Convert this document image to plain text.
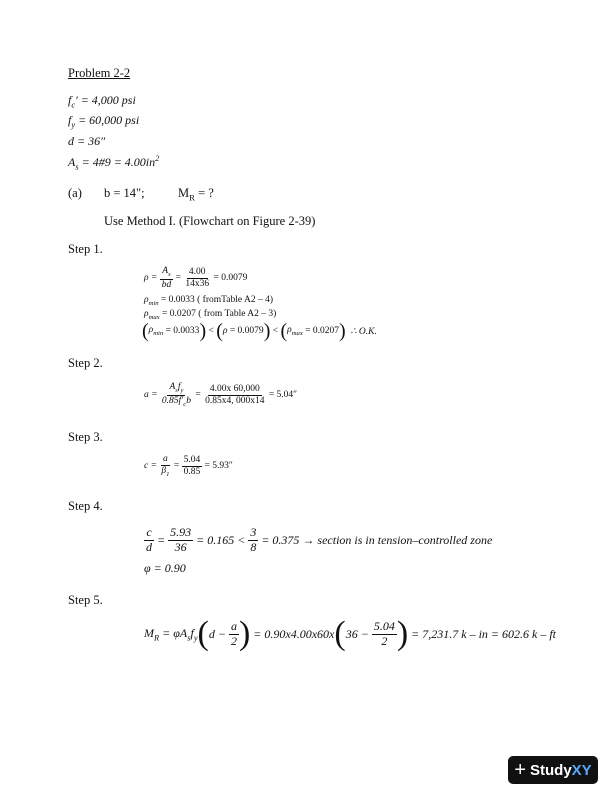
Problem 2-2
$f_c' = 4,000$ psi
$f_y = 60,000$ psi
d = 36″
$A_s$ = 4#9 = $4.00in^2$
(a) b = 14";	$M_R$ = ?
Use Method I. (Flowchart on Figure 2-39)
Step 1.
$\rho = \frac{A_s}{bd} = \frac{4.00}{14x36}$
= 0.0079
$\rho_{min} = 0.0033$ ( fromTable A2 – 4)
$\rho_{max} = 0.0207$ ( from Table A2 – 3)
( $\rho_{min}$
= 0.0033 ) < ( ρ
= 0.0079 ) < ( $\rho_{max}$
= 0.0207 )
∴ O.K.
Step 2.
$a = \frac{A_sf_y}{0.85f'_cb} = \frac{4.00x 60,000}{0.85x4, 000x14}$
= 5.04″
Step 3.
$c = \frac{a}{\beta_1} = \frac{5.04}{0.85}$
= 5.93″
Step 4.
$\frac{c}{d} = \frac{5.93}{36}$
= 0.165 <
$\frac{3}{8}$
= 0.375 → section is in tension–controlled zone
φ = 0.90
Step 5.
$M_R = \varphi A_sf_y$ ( $d - \frac{a}{2}$ )
= 0.90x4.00x60x ( $36 - \frac{5.04}{2}$ )
= 7,231.7 k – in = 602.6 k – ft
+ Study XY
